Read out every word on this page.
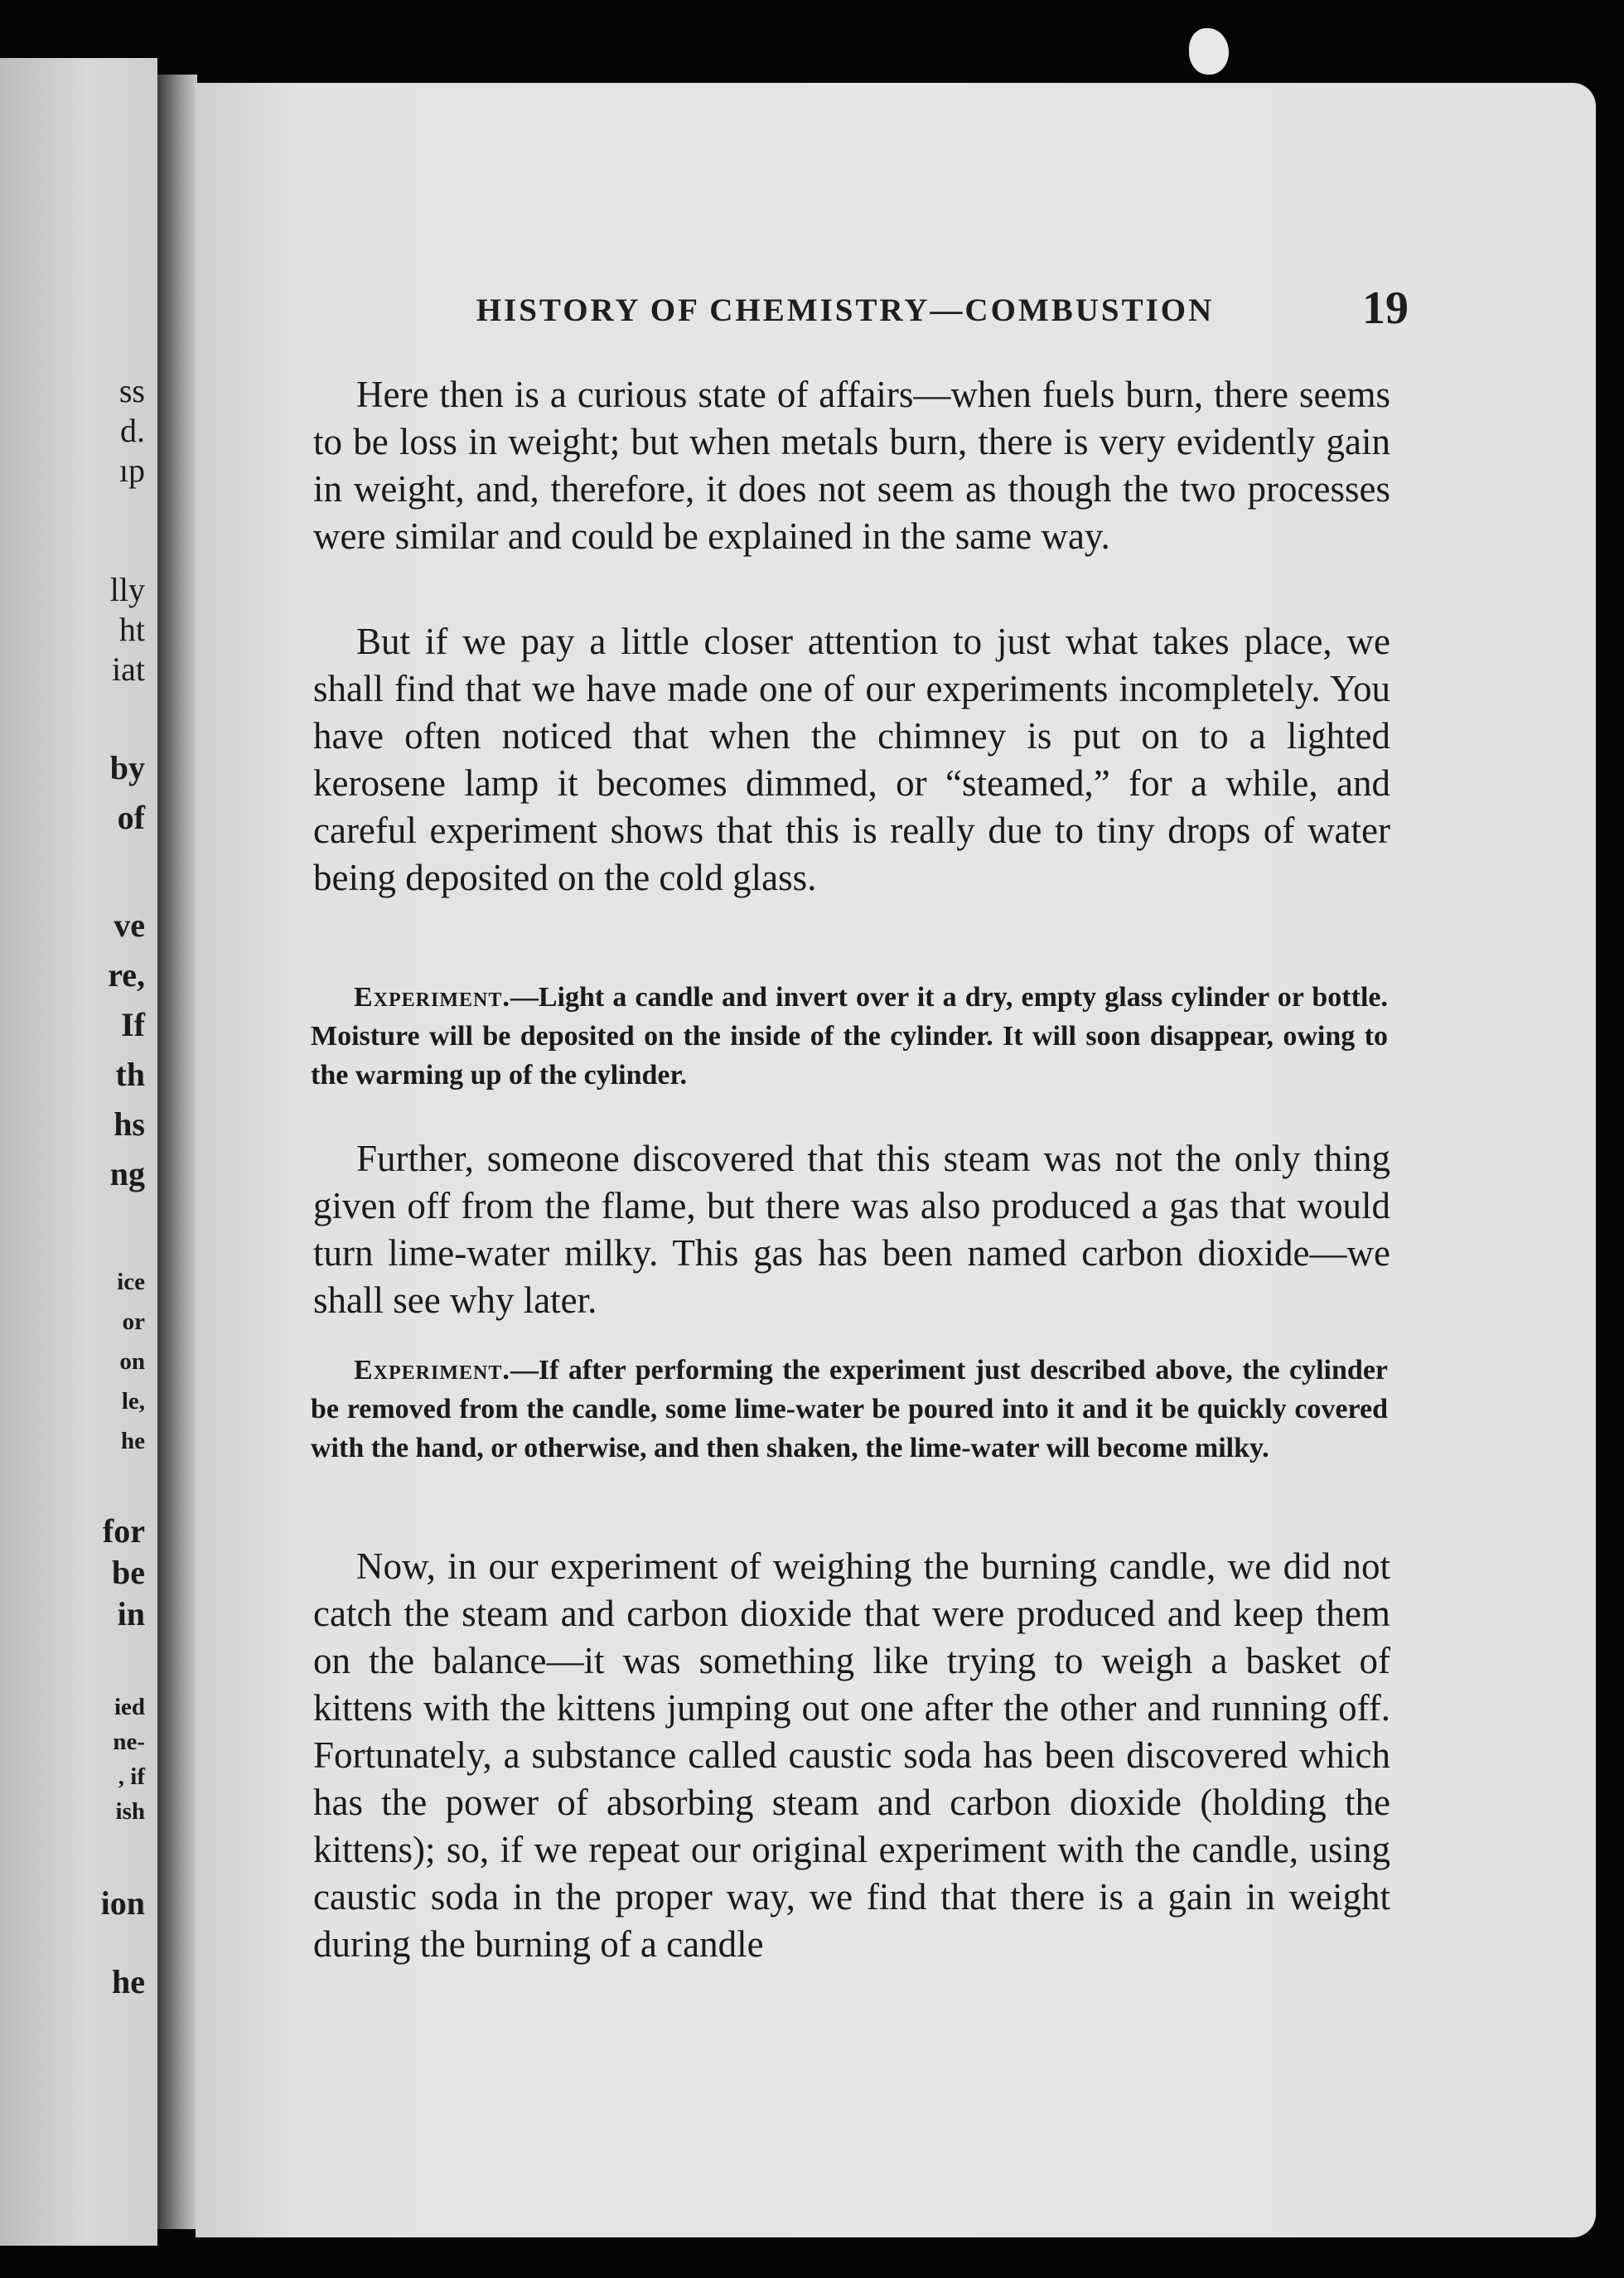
ss
d.
ıp
lly
ht
iat
by
of
ve
re,
If
th
hs
ng
ice
or
on
le,
he
for
be
in
ied
ne-
, if
ish
ion
he
HISTORY OF CHEMISTRY—COMBUSTION	19

Here then is a curious state of affairs—when fuels burn, there seems to be loss in weight; but when metals burn, there is very evidently gain in weight, and, therefore, it does not seem as though the two processes were similar and could be explained in the same way.

But if we pay a little closer attention to just what takes place, we shall find that we have made one of our experiments incompletely. You have often noticed that when the chimney is put on to a lighted kerosene lamp it becomes dimmed, or “steamed,” for a while, and careful experiment shows that this is really due to tiny drops of water being deposited on the cold glass.

Experiment.—Light a candle and invert over it a dry, empty glass cylinder or bottle. Moisture will be deposited on the inside of the cylinder. It will soon disappear, owing to the warming up of the cylinder.

Further, someone discovered that this steam was not the only thing given off from the flame, but there was also produced a gas that would turn lime-water milky. This gas has been named carbon dioxide—we shall see why later.

Experiment.—If after performing the experiment just described above, the cylinder be removed from the candle, some lime-water be poured into it and it be quickly covered with the hand, or otherwise, and then shaken, the lime-water will become milky.

Now, in our experiment of weighing the burning candle, we did not catch the steam and carbon dioxide that were produced and keep them on the balance—it was something like trying to weigh a basket of kittens with the kittens jumping out one after the other and running off. Fortunately, a substance called caustic soda has been discovered which has the power of absorbing steam and carbon dioxide (holding the kittens); so, if we repeat our original experiment with the candle, using caustic soda in the proper way, we find that there is a gain in weight during the burning of a candle
